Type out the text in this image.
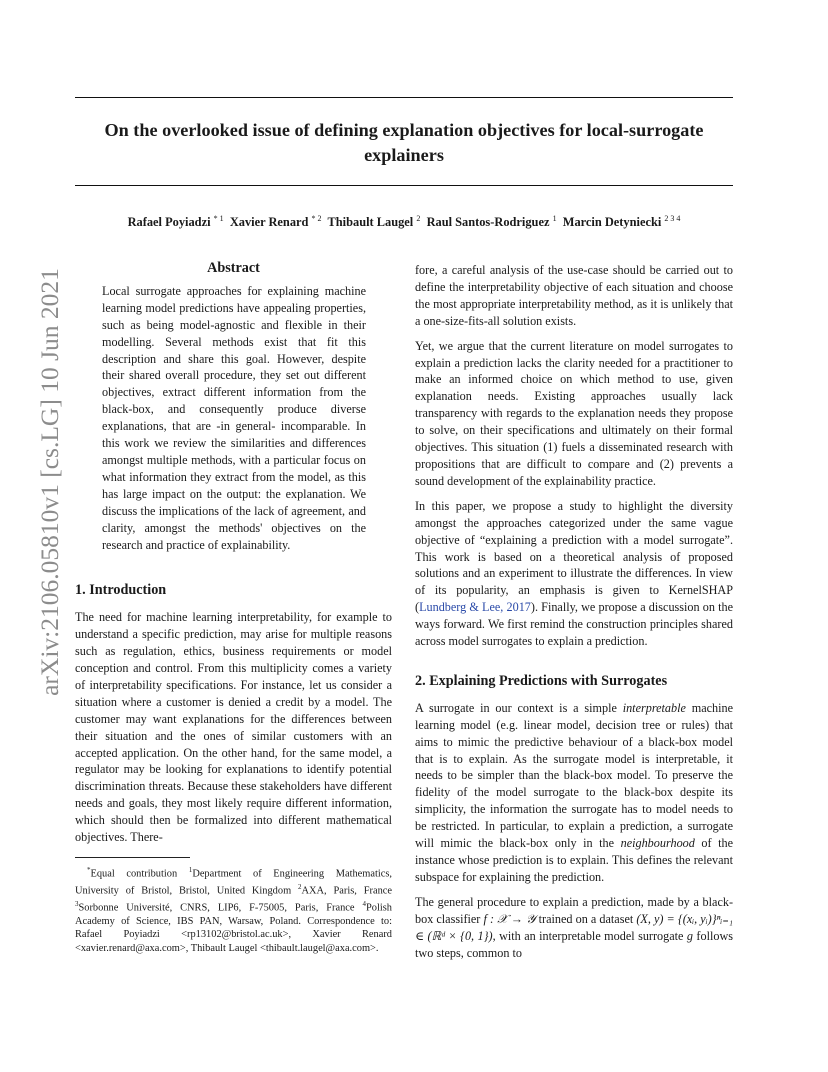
arXiv:2106.05810v1 [cs.LG] 10 Jun 2021
On the overlooked issue of defining explanation objectives for local-surrogate explainers
Rafael Poyiadzi $^{* 1}$ Xavier Renard $^{* 2}$ Thibault Laugel $^2$ Raul Santos-Rodriguez $^1$ Marcin Detyniecki $^{2 3 4}$
Abstract

Local surrogate approaches for explaining machine learning model predictions have appealing properties, such as being model-agnostic and flexible in their modelling. Several methods exist that fit this description and share this goal. However, despite their shared overall procedure, they set out different objectives, extract different information from the black-box, and consequently produce diverse explanations, that are -in general- incomparable. In this work we review the similarities and differences amongst multiple methods, with a particular focus on what information they extract from the model, as this has large impact on the output: the explanation. We discuss the implications of the lack of agreement, and clarity, amongst the methods' objectives on the research and practice of explainability.

1. Introduction

The need for machine learning interpretability, for example to understand a specific prediction, may arise for multiple reasons such as regulation, ethics, business requirements or model conception and control. From this multiplicity comes a variety of interpretability specifications. For instance, let us consider a situation where a customer is denied a credit by a model. The customer may want explanations for the differences between their situation and the ones of similar customers with an accepted application. On the other hand, for the same model, a regulator may be looking for explanations to identify potential discrimination threats. Because these stakeholders have different needs and goals, they most likely require different information, which should then be formalized into different mathematical objectives. There-

*Equal contribution $^1$Department of Engineering Mathematics, University of Bristol, Bristol, United Kingdom $^2$AXA, Paris, France $^3$Sorbonne Université, CNRS, LIP6, F-75005, Paris, France $^4$Polish Academy of Science, IBS PAN, Warsaw, Poland. Correspondence to: Rafael Poyiadzi <rp13102@bristol.ac.uk>, Xavier Renard <xavier.renard@axa.com>, Thibault Laugel <thibault.laugel@axa.com>.

fore, a careful analysis of the use-case should be carried out to define the interpretability objective of each situation and choose the most appropriate interpretability method, as it is unlikely that a one-size-fits-all solution exists.

Yet, we argue that the current literature on model surrogates to explain a prediction lacks the clarity needed for a practitioner to make an informed choice on which method to use, given explanation needs. Existing approaches usually lack transparency with regards to the explanation needs they propose to solve, on their specifications and ultimately on their formal objectives. This situation (1) fuels a disseminated research with propositions that are difficult to compare and (2) prevents a sound development of the explainability practice.

In this paper, we propose a study to highlight the diversity amongst the approaches categorized under the same vague objective of “explaining a prediction with a model surrogate”. This work is based on a theoretical analysis of proposed solutions and an experiment to illustrate the differences. In view of its popularity, an emphasis is given to KernelSHAP (Lundberg & Lee, 2017). Finally, we propose a discussion on the ways forward. We first remind the construction principles shared across model surrogates to explain a prediction.

2. Explaining Predictions with Surrogates

A surrogate in our context is a simple interpretable machine learning model (e.g. linear model, decision tree or rules) that aims to mimic the predictive behaviour of a black-box model that is to explain. As the surrogate model is interpretable, it needs to be simpler than the black-box model. To preserve the fidelity of the model surrogate to the black-box despite its simplicity, the information the surrogate has to model needs to be restricted. In particular, to explain a prediction, a surrogate will mimic the black-box only in the neighbourhood of the instance whose prediction is to explain. This defines the relevant subspace for explaining the prediction.

The general procedure to explain a prediction, made by a black-box classifier f : 𝒳 → 𝒴 trained on a dataset (X, y) = {(xᵢ, yᵢ)}ⁿᵢ₌₁ ∈ (ℝᵈ × {0, 1}), with an interpretable model surrogate g follows two steps, common to
